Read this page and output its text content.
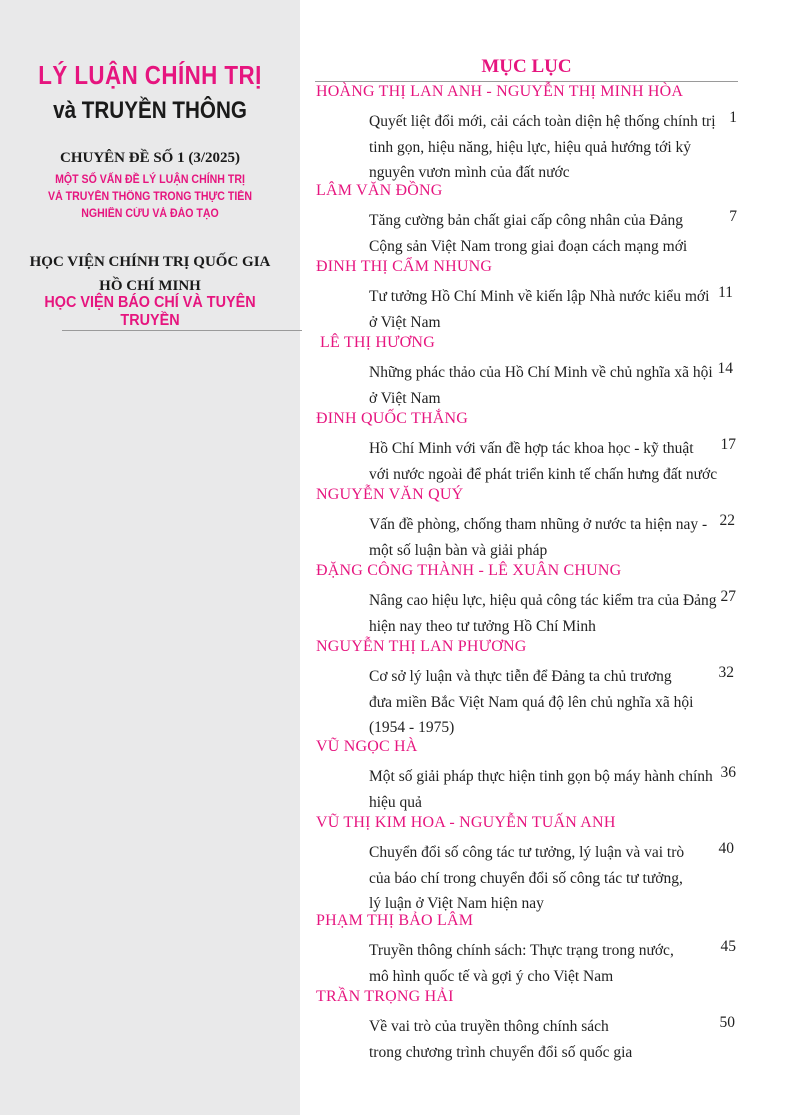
LÝ LUẬN CHÍNH TRỊ
và TRUYỀN THÔNG
CHUYÊN ĐỀ SỐ 1 (3/2025)
MỘT SỐ VẤN ĐỀ LÝ LUẬN CHÍNH TRỊ
VÀ TRUYỀN THÔNG TRONG THỰC TIỄN
NGHIÊN CỨU VÀ ĐÀO TẠO
HỌC VIỆN CHÍNH TRỊ QUỐC GIA
HỒ CHÍ MINH
HỌC VIỆN BÁO CHÍ VÀ TUYÊN TRUYỀN
MỤC LỤC
HOÀNG THỊ LAN ANH - NGUYỄN THỊ MINH HÒA
Quyết liệt đổi mới, cải cách toàn diện hệ thống chính trị
tinh gọn, hiệu năng, hiệu lực, hiệu quả hướng tới kỷ
nguyên vươn mình của đất nước
1
LÂM VĂN ĐỒNG
Tăng cường bản chất giai cấp công nhân của Đảng
Cộng sản Việt Nam trong giai đoạn cách mạng mới
7
ĐINH THỊ CẨM NHUNG
Tư tưởng Hồ Chí Minh về kiến lập Nhà nước kiểu mới
ở Việt Nam
11
LÊ THỊ HƯƠNG
Những phác thảo của Hồ Chí Minh về chủ nghĩa xã hội
ở Việt Nam
14
ĐINH QUỐC THẮNG
Hồ Chí Minh với vấn đề hợp tác khoa học - kỹ thuật
với nước ngoài để phát triển kinh tế chấn hưng đất nước
17
NGUYỄN VĂN QUÝ
Vấn đề phòng, chống tham nhũng ở nước ta hiện nay -
một số luận bàn và giải pháp
22
ĐẶNG CÔNG THÀNH - LÊ XUÂN CHUNG
Nâng cao hiệu lực, hiệu quả công tác kiểm tra của Đảng
hiện nay theo tư tưởng Hồ Chí Minh
27
NGUYỄN THỊ LAN PHƯƠNG
Cơ sở lý luận và thực tiễn để Đảng ta chủ trương
đưa miền Bắc Việt Nam quá độ lên chủ nghĩa xã hội
(1954 - 1975)
32
VŨ NGỌC HÀ
Một số giải pháp thực hiện tinh gọn bộ máy hành chính
hiệu quả
36
VŨ THỊ KIM HOA - NGUYỄN TUẤN ANH
Chuyển đổi số công tác tư tưởng, lý luận và vai trò
của báo chí trong chuyển đổi số công tác tư tưởng,
lý luận ở Việt Nam hiện nay
40
PHẠM THỊ BẢO LÂM
Truyền thông chính sách: Thực trạng trong nước,
mô hình quốc tế và gợi ý cho Việt Nam
45
TRẦN TRỌNG HẢI
Về vai trò của truyền thông chính sách
trong chương trình chuyển đổi số quốc gia
50
